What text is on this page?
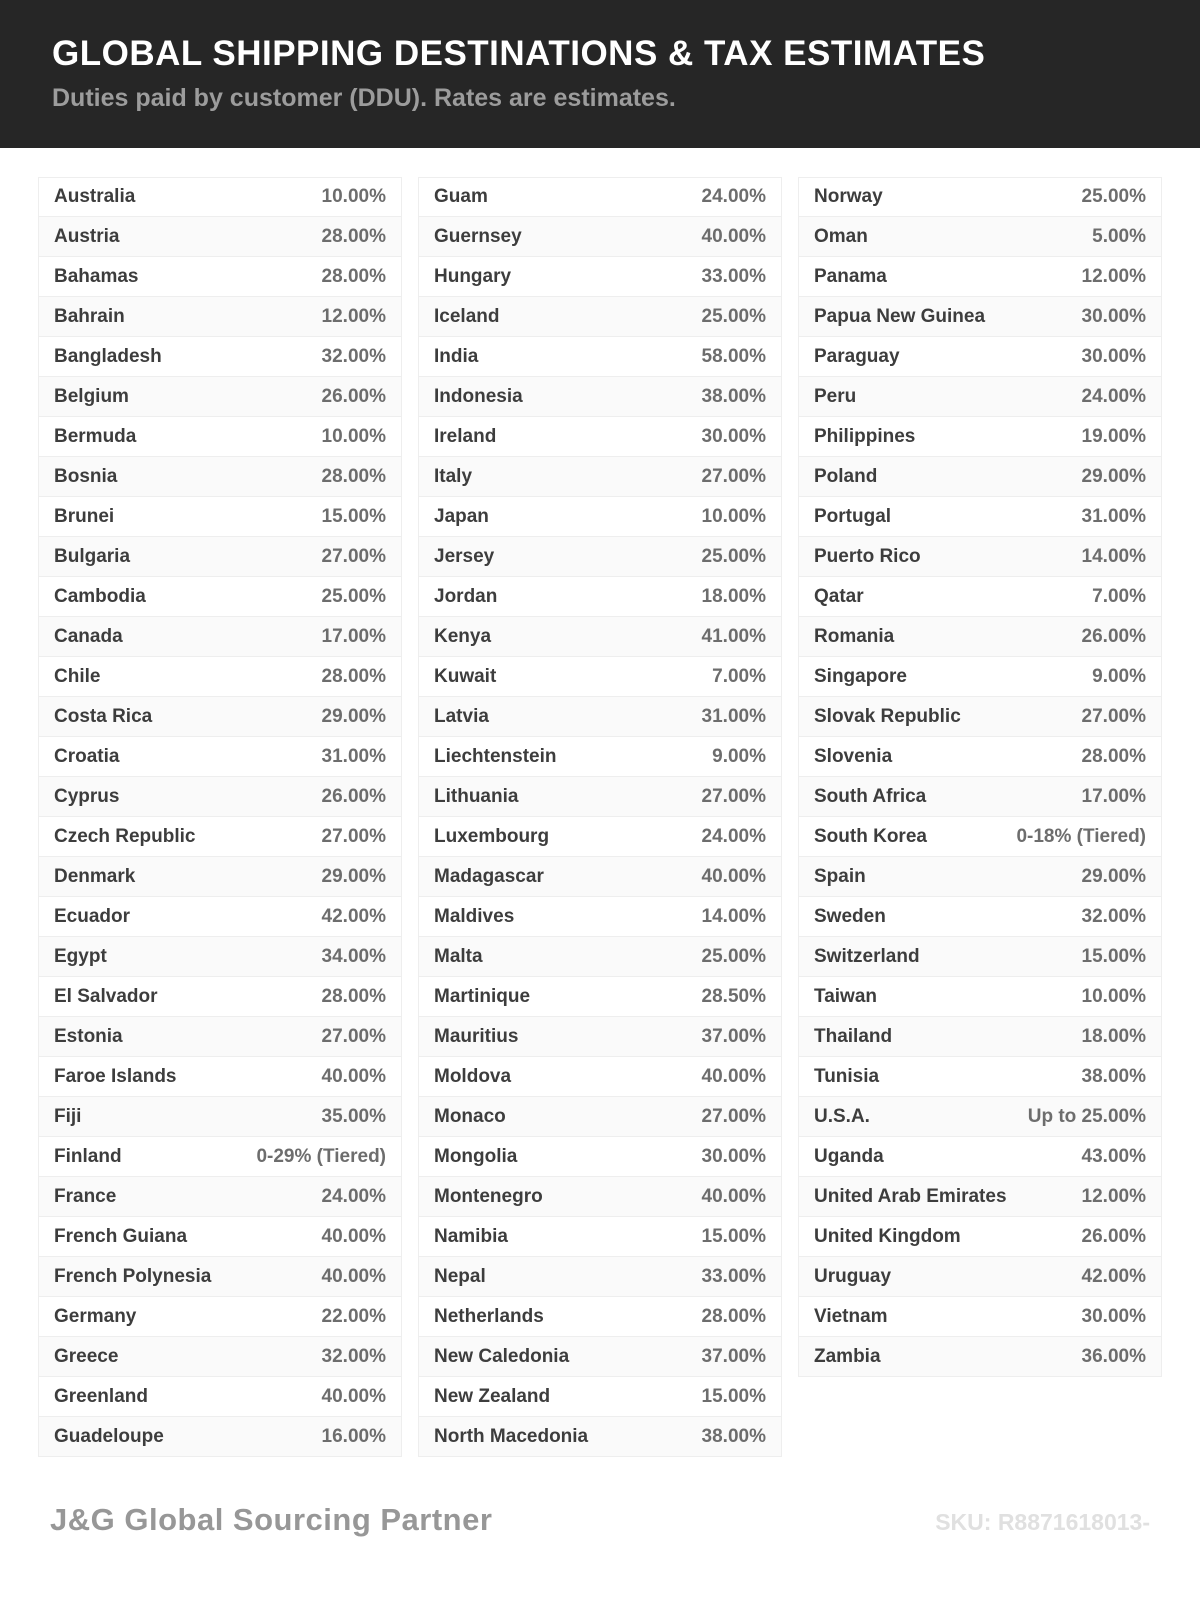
GLOBAL SHIPPING DESTINATIONS & TAX ESTIMATES

Duties paid by customer (DDU). Rates are estimates.

Australia	10.00%
Austria	28.00%
Bahamas	28.00%
Bahrain	12.00%
Bangladesh	32.00%
Belgium	26.00%
Bermuda	10.00%
Bosnia	28.00%
Brunei	15.00%
Bulgaria	27.00%
Cambodia	25.00%
Canada	17.00%
Chile	28.00%
Costa Rica	29.00%
Croatia	31.00%
Cyprus	26.00%
Czech Republic	27.00%
Denmark	29.00%
Ecuador	42.00%
Egypt	34.00%
El Salvador	28.00%
Estonia	27.00%
Faroe Islands	40.00%
Fiji	35.00%
Finland	0-29% (Tiered)
France	24.00%
French Guiana	40.00%
French Polynesia	40.00%
Germany	22.00%
Greece	32.00%
Greenland	40.00%
Guadeloupe	16.00%
Guam	24.00%
Guernsey	40.00%
Hungary	33.00%
Iceland	25.00%
India	58.00%
Indonesia	38.00%
Ireland	30.00%
Italy	27.00%
Japan	10.00%
Jersey	25.00%
Jordan	18.00%
Kenya	41.00%
Kuwait	7.00%
Latvia	31.00%
Liechtenstein	9.00%
Lithuania	27.00%
Luxembourg	24.00%
Madagascar	40.00%
Maldives	14.00%
Malta	25.00%
Martinique	28.50%
Mauritius	37.00%
Moldova	40.00%
Monaco	27.00%
Mongolia	30.00%
Montenegro	40.00%
Namibia	15.00%
Nepal	33.00%
Netherlands	28.00%
New Caledonia	37.00%
New Zealand	15.00%
North Macedonia	38.00%
Norway	25.00%
Oman	5.00%
Panama	12.00%
Papua New Guinea	30.00%
Paraguay	30.00%
Peru	24.00%
Philippines	19.00%
Poland	29.00%
Portugal	31.00%
Puerto Rico	14.00%
Qatar	7.00%
Romania	26.00%
Singapore	9.00%
Slovak Republic	27.00%
Slovenia	28.00%
South Africa	17.00%
South Korea	0-18% (Tiered)
Spain	29.00%
Sweden	32.00%
Switzerland	15.00%
Taiwan	10.00%
Thailand	18.00%
Tunisia	38.00%
U.S.A.	Up to 25.00%
Uganda	43.00%
United Arab Emirates	12.00%
United Kingdom	26.00%
Uruguay	42.00%
Vietnam	30.00%
Zambia	36.00%
J&G Global Sourcing Partner	SKU: R8871618013-
